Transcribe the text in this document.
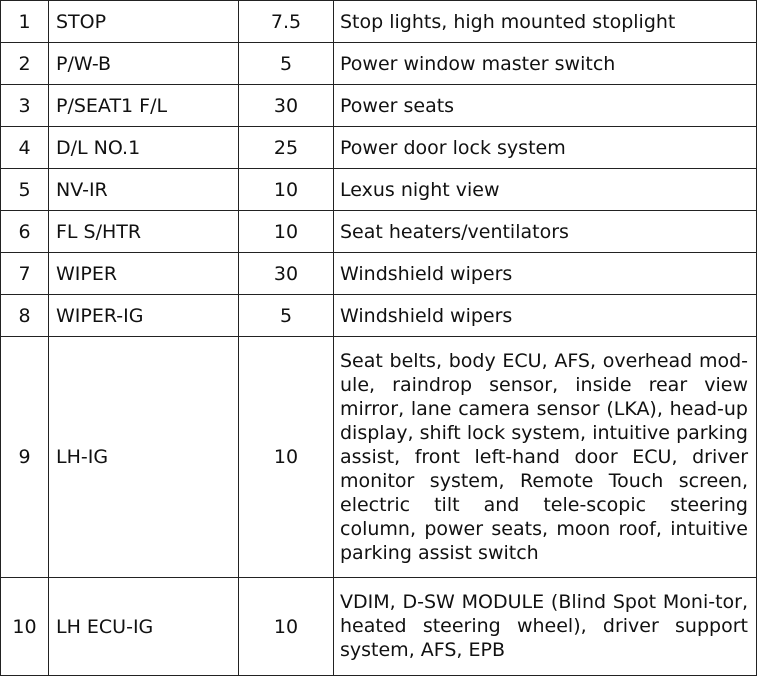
1	STOP	7.5	Stop lights, high mounted stoplight
2	P/W-B	5	Power window master switch
3	P/SEAT1 F/L	30	Power seats
4	D/L NO.1	25	Power door lock system
5	NV-IR	10	Lexus night view
6	FL S/HTR	10	Seat heaters/ventilators
7	WIPER	30	Windshield wipers
8	WIPER-IG	5	Windshield wipers
9	LH-IG	10	Seat belts, body ECU, AFS, overhead mod-ule, raindrop sensor, inside rear view mirror, lane camera sensor (LKA), head-up display, shift lock system, intuitive parking assist, front left-hand door ECU, driver monitor system, Remote Touch screen, electric tilt and tele-scopic steering column, power seats, moon roof, intuitive parking assist switch
10	LH ECU-IG	10	VDIM, D-SW MODULE (Blind Spot Moni-tor, heated steering wheel), driver support system, AFS, EPB
